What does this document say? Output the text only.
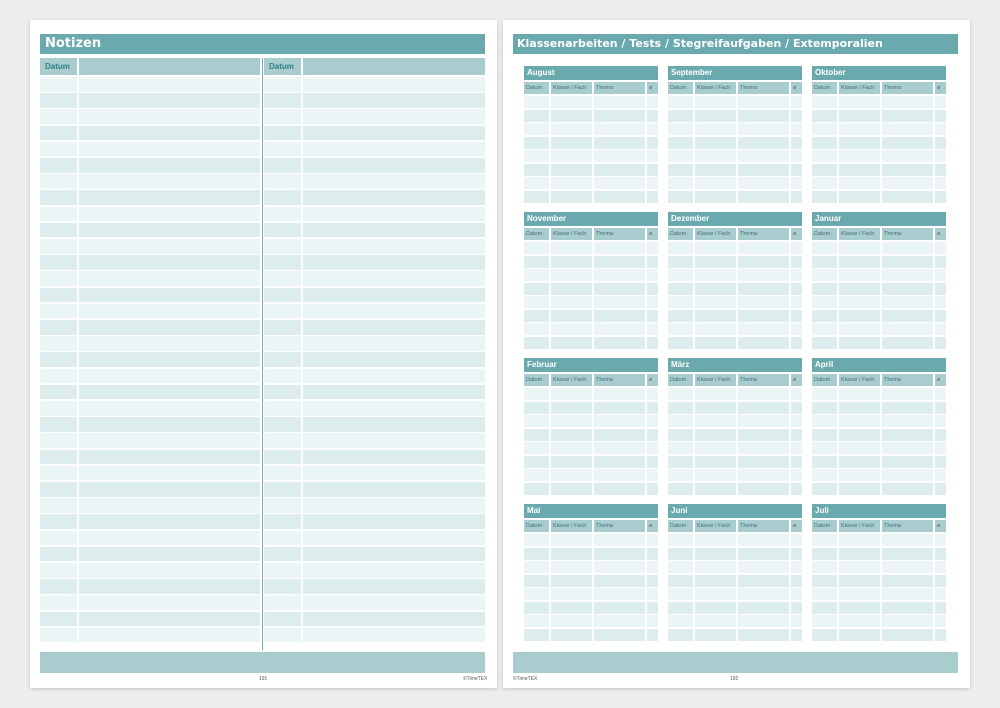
Notizen
Datum	Datum
191	©TimeTEX
Klassenarbeiten / Tests / Stegreifaufgaben / Extemporalien
August
Datum	Klasse / Fach	Thema	ø
September
Datum	Klasse / Fach	Thema	ø
Oktober
Datum	Klasse / Fach	Thema	ø
November
Datum	Klasse / Fach	Thema	ø
Dezember
Datum	Klasse / Fach	Thema	ø
Januar
Datum	Klasse / Fach	Thema	ø
Februar
Datum	Klasse / Fach	Thema	ø
März
Datum	Klasse / Fach	Thema	ø
April
Datum	Klasse / Fach	Thema	ø
Mai
Datum	Klasse / Fach	Thema	ø
Juni
Datum	Klasse / Fach	Thema	ø
Juli
Datum	Klasse / Fach	Thema	ø
©TimeTEX	192
